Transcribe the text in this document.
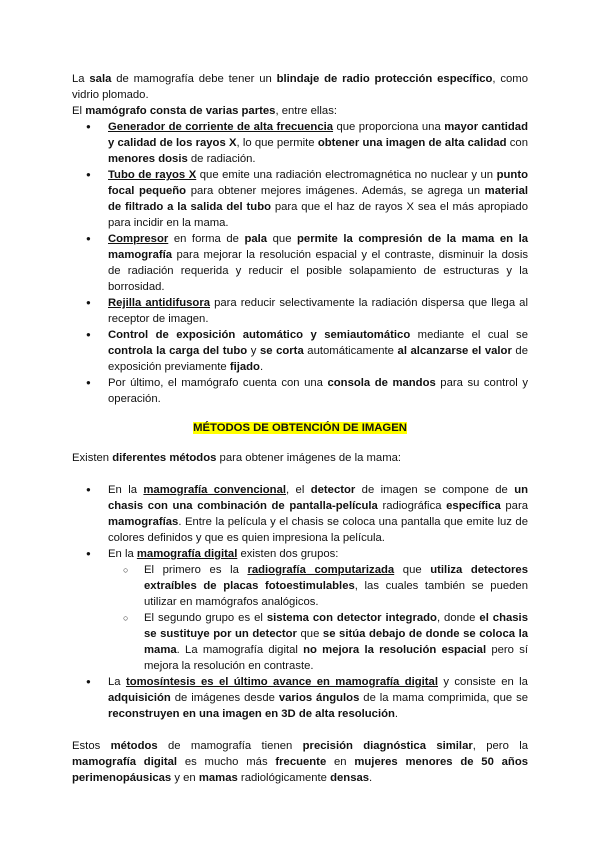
La sala de mamografía debe tener un blindaje de radio protección específico, como vidrio plomado.

El mamógrafo consta de varias partes, entre ellas:

● Generador de corriente de alta frecuencia que proporciona una mayor cantidad y calidad de los rayos X, lo que permite obtener una imagen de alta calidad con menores dosis de radiación.
● Tubo de rayos X que emite una radiación electromagnética no nuclear y un punto focal pequeño para obtener mejores imágenes. Además, se agrega un material de filtrado a la salida del tubo para que el haz de rayos X sea el más apropiado para incidir en la mama.
● Compresor en forma de pala que permite la compresión de la mama en la mamografía para mejorar la resolución espacial y el contraste, disminuir la dosis de radiación requerida y reducir el posible solapamiento de estructuras y la borrosidad.
● Rejilla antidifusora para reducir selectivamente la radiación dispersa que llega al receptor de imagen.
● Control de exposición automático y semiautomático mediante el cual se controla la carga del tubo y se corta automáticamente al alcanzarse el valor de exposición previamente fijado.
● Por último, el mamógrafo cuenta con una consola de mandos para su control y operación.
MÉTODOS DE OBTENCIÓN DE IMAGEN

Existen diferentes métodos para obtener imágenes de la mama:

● En la mamografía convencional, el detector de imagen se compone de un chasis con una combinación de pantalla-película radiográfica específica para mamografías. Entre la película y el chasis se coloca una pantalla que emite luz de colores definidos y que es quien impresiona la película.
● En la mamografía digital existen dos grupos:
○ El primero es la radiografía computarizada que utiliza detectores extraíbles de placas fotoestimulables, las cuales también se pueden utilizar en mamógrafos analógicos.
○ El segundo grupo es el sistema con detector integrado, donde el chasis se sustituye por un detector que se sitúa debajo de donde se coloca la mama. La mamografía digital no mejora la resolución espacial pero sí mejora la resolución en contraste.
● La tomosíntesis es el último avance en mamografía digital y consiste en la adquisición de imágenes desde varios ángulos de la mama comprimida, que se reconstruyen en una imagen en 3D de alta resolución.

Estos métodos de mamografía tienen precisión diagnóstica similar, pero la mamografía digital es mucho más frecuente en mujeres menores de 50 años perimenopáusicas y en mamas radiológicamente densas.
